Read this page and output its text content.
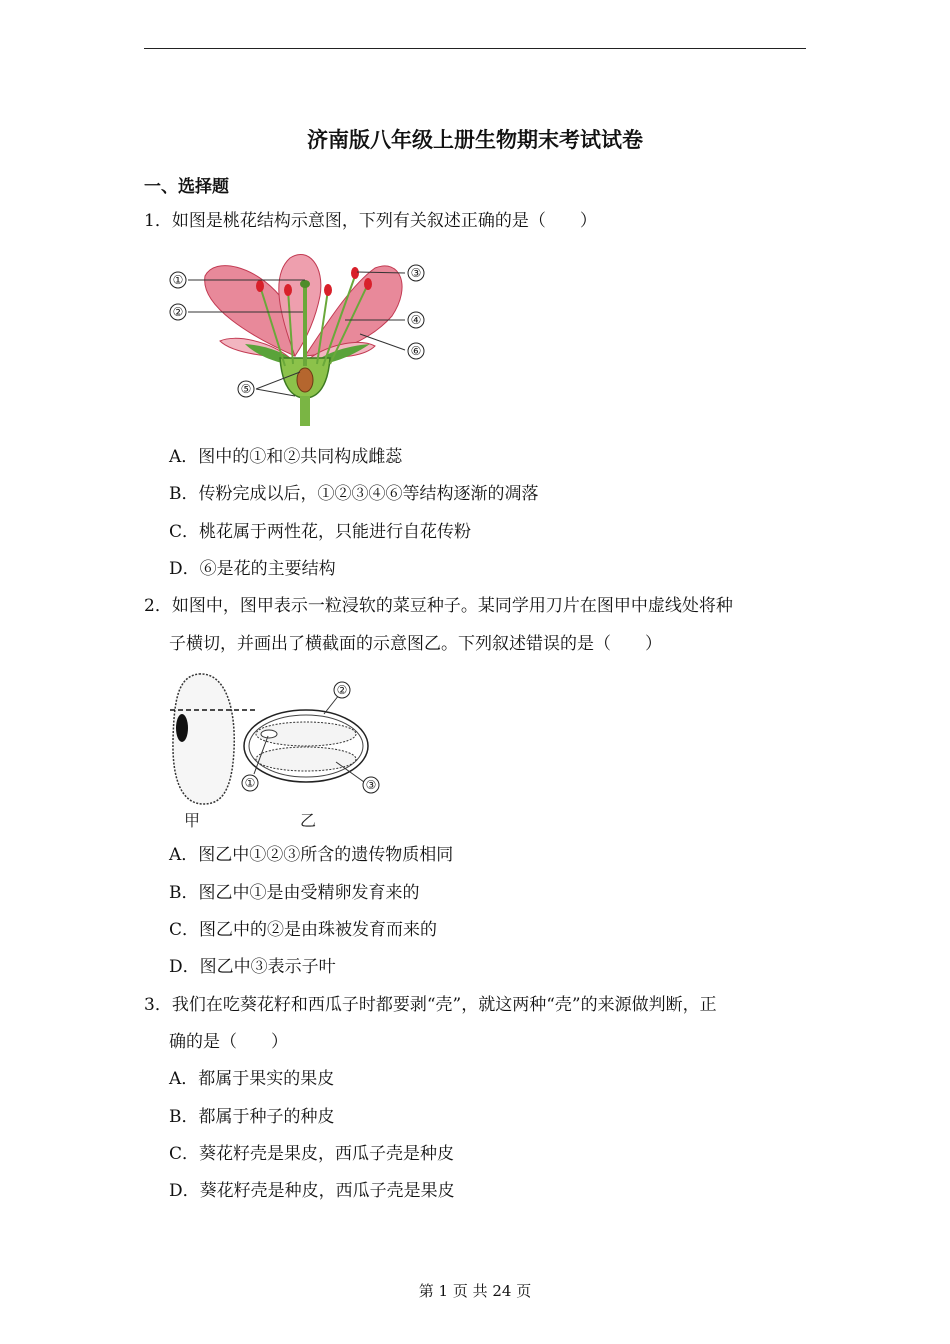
济南版八年级上册生物期末考试试卷
一、选择题
1．如图是桃花结构示意图，下列有关叙述正确的是（　　）
①
②
③
④
⑤
⑥
A．图中的①和②共同构成雌蕊
B．传粉完成以后，①②③④⑥等结构逐渐的凋落
C．桃花属于两性花，只能进行自花传粉
D．⑥是花的主要结构
2．如图中，图甲表示一粒浸软的菜豆种子。某同学用刀片在图甲中虚线处将种
子横切，并画出了横截面的示意图乙。下列叙述错误的是（　　）
②
①	③
甲	乙
A．图乙中①②③所含的遗传物质相同
B．图乙中①是由受精卵发育来的
C．图乙中的②是由珠被发育而来的
D．图乙中③表示子叶
3．我们在吃葵花籽和西瓜子时都要剥“壳”，就这两种“壳”的来源做判断，正
确的是（　　）
A．都属于果实的果皮
B．都属于种子的种皮
C．葵花籽壳是果皮，西瓜子壳是种皮
D．葵花籽壳是种皮，西瓜子壳是果皮
第 1 页 共 24 页
